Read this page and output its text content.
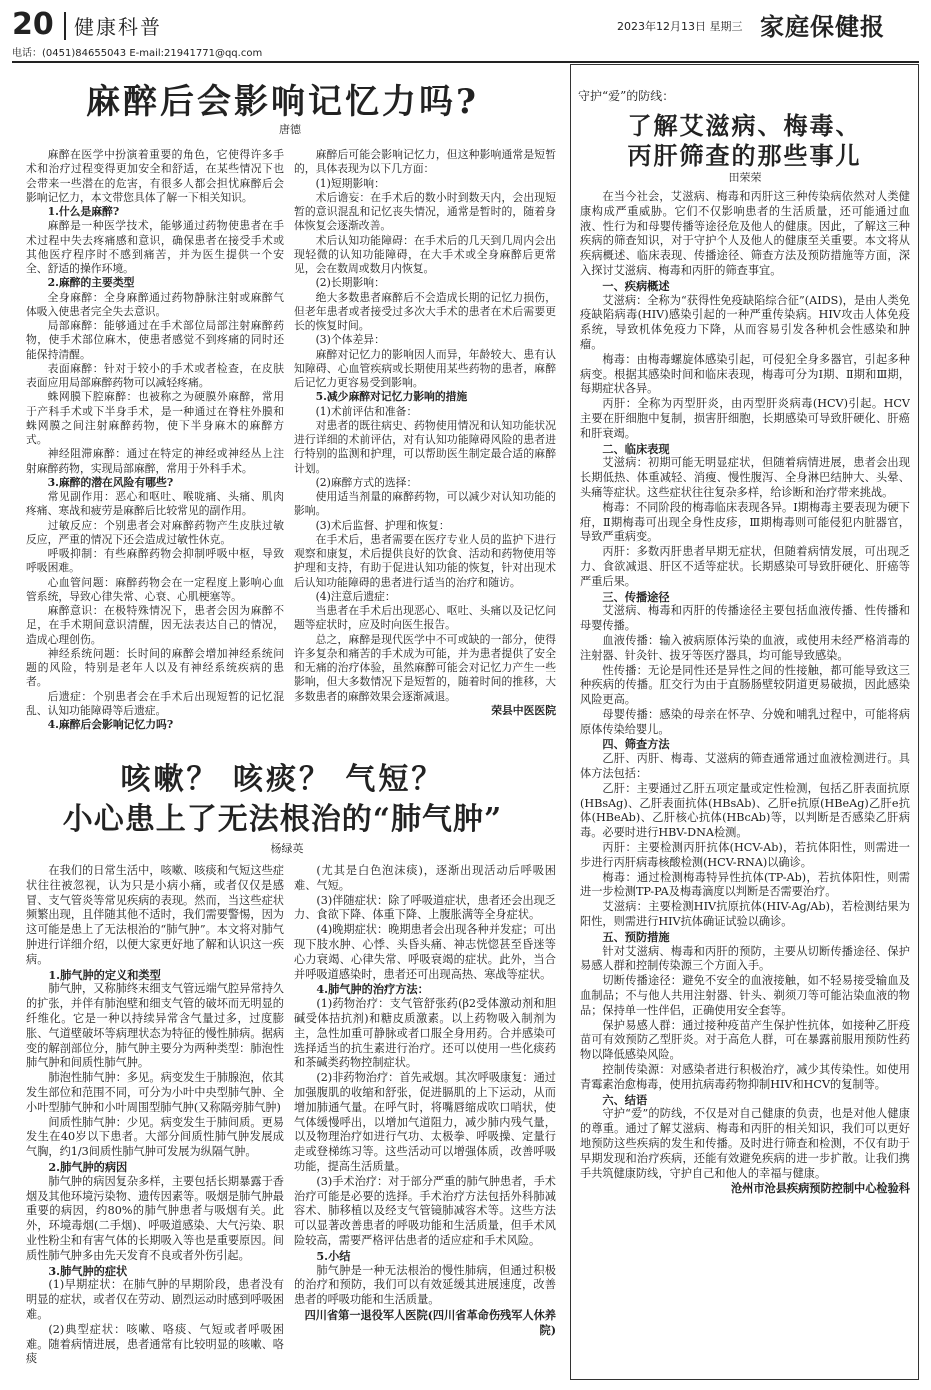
20 健康科普	2023年12月13日 星期三 家庭保健报
电话：(0451)84655043 E-mail:21941771@qq.com
麻醉后会影响记忆力吗?
唐德

麻醉在医学中扮演着重要的角色，它使得许多手术和治疗过程变得更加安全和舒适，在某些情况下也会带来一些潜在的危害，有很多人都会担忧麻醉后会影响记忆力，本文带您具体了解一下相关知识。

1.什么是麻醉?

麻醉是一种医学技术，能够通过药物使患者在手术过程中失去疼痛感和意识，确保患者在接受手术或其他医疗程序时不感到痛苦，并为医生提供一个安全、舒适的操作环境。

2.麻醉的主要类型

全身麻醉：全身麻醉通过药物静脉注射或麻醉气体吸入使患者完全失去意识。

局部麻醉：能够通过在手术部位局部注射麻醉药物，使手术部位麻木，使患者感觉不到疼痛的同时还能保持清醒。

表面麻醉：针对于较小的手术或者检查，在皮肤表面应用局部麻醉药物可以减轻疼痛。

蛛网膜下腔麻醉：也被称之为硬膜外麻醉，常用于产科手术或下半身手术，是一种通过在脊柱外膜和蛛网膜之间注射麻醉药物，使下半身麻木的麻醉方式。

神经阻滞麻醉：通过在特定的神经或神经丛上注射麻醉药物，实现局部麻醉，常用于外科手术。

3.麻醉的潜在风险有哪些?

常见副作用：恶心和呕吐、喉咙痛、头痛、肌肉疼痛、寒战和疲劳是麻醉后比较常见的副作用。

过敏反应：个别患者会对麻醉药物产生皮肤过敏反应，严重的情况下还会造成过敏性休克。

呼吸抑制：有些麻醉药物会抑制呼吸中枢，导致呼吸困难。

心血管问题：麻醉药物会在一定程度上影响心血管系统，导致心律失常、心衰、心肌梗塞等。

麻醉意识：在极特殊情况下，患者会因为麻醉不足，在手术期间意识清醒，因无法表达自己的情况，造成心理创伤。

神经系统问题：长时间的麻醉会增加神经系统问题的风险，特别是老年人以及有神经系统疾病的患者。

后遗症：个别患者会在手术后出现短暂的记忆混乱、认知功能障碍等后遗症。

4.麻醉后会影响记忆力吗?

麻醉后可能会影响记忆力，但这种影响通常是短暂的，具体表现为以下几方面：

(1)短期影响：

术后谵妄：在手术后的数小时到数天内，会出现短暂的意识混乱和记忆丧失情况，通常是暂时的，随着身体恢复会逐渐改善。

术后认知功能障碍：在手术后的几天到几周内会出现轻微的认知功能障碍，在大手术或全身麻醉后更常见，会在数周或数月内恢复。

(2)长期影响：

绝大多数患者麻醉后不会造成长期的记忆力损伤，但老年患者或者接受过多次大手术的患者在术后需要更长的恢复时间。

(3)个体差异：

麻醉对记忆力的影响因人而异，年龄较大、患有认知障碍、心血管疾病或长期使用某些药物的患者，麻醉后记忆力更容易受到影响。

5.减少麻醉对记忆力影响的措施

(1)术前评估和准备：

对患者的既往病史、药物使用情况和认知功能状况进行详细的术前评估，对有认知功能障碍风险的患者进行特别的监测和护理，可以帮助医生制定最合适的麻醉计划。

(2)麻醉方式的选择：

使用适当剂量的麻醉药物，可以减少对认知功能的影响。

(3)术后监督、护理和恢复：

在手术后，患者需要在医疗专业人员的监护下进行观察和康复，术后提供良好的饮食、活动和药物使用等护理和支持，有助于促进认知功能的恢复，针对出现术后认知功能障碍的患者进行适当的治疗和随访。

(4)注意后遗症：

当患者在手术后出现恶心、呕吐、头痛以及记忆问题等症状时，应及时向医生报告。

总之，麻醉是现代医学中不可或缺的一部分，使得许多复杂和痛苦的手术成为可能，并为患者提供了安全和无痛的治疗体验，虽然麻醉可能会对记忆力产生一些影响，但大多数情况下是短暂的，随着时间的推移，大多数患者的麻醉效果会逐渐减退。

荣县中医医院

咳嗽？ 咳痰？ 气短？
小心患上了无法根治的“肺气肿”
杨绿英

在我们的日常生活中，咳嗽、咳痰和气短这些症状往往被忽视，认为只是小病小痛，或者仅仅是感冒、支气管炎等常见疾病的表现。然而，当这些症状频繁出现，且伴随其他不适时，我们需要警惕，因为这可能是患上了无法根治的“肺气肿”。本文将对肺气肿进行详细介绍，以便大家更好地了解和认识这一疾病。

1.肺气肿的定义和类型

肺气肿，又称肺终末细支气管远端气腔异常持久的扩张，并伴有肺泡壁和细支气管的破坏而无明显的纤维化。它是一种以持续异常含气量过多，过度膨胀、气道壁破坏等病理状态为特征的慢性肺病。据病变的解剖部位分，肺气肿主要分为两种类型：肺泡性肺气肿和间质性肺气肿。

肺泡性肺气肿：多见。病变发生于肺腺泡，依其发生部位和范围不同，可分为小叶中央型肺气肿、全小叶型肺气肿和小叶周围型肺气肿(又称隔旁肺气肿)

间质性肺气肿：少见。病变发生于肺间质。更易发生在40岁以下患者。大部分间质性肺气肿发展成气胸，约1/3间质性肺气肿可发展为纵隔气肿。

2.肺气肿的病因

肺气肿的病因复杂多样，主要包括长期暴露于香烟及其他环境污染物、遗传因素等。吸烟是肺气肿最重要的病因，约80%的肺气肿患者与吸烟有关。此外，环境毒烟(二手烟)、呼吸道感染、大气污染、职业性粉尘和有害气体的长期吸入等也是重要原因。间质性肺气肿多由先天发育不良或者外伤引起。

3.肺气肿的症状

(1)早期症状：在肺气肿的早期阶段，患者没有明显的症状，或者仅在劳动、剧烈运动时感到呼吸困难。

(2)典型症状：咳嗽、咯痰、气短或者呼吸困难。随着病情进展，患者通常有比较明显的咳嗽、咯痰

(尤其是白色泡沫痰)，逐渐出现活动后呼吸困难、气短。

(3)伴随症状：除了呼吸道症状，患者还会出现乏力、食欲下降、体重下降、上腹胀满等全身症状。

(4)晚期症状：晚期患者会出现各种并发症；可出现下肢水肿、心悸、头昏头痛、神志恍惚甚至昏迷等心力衰竭、心律失常、呼吸衰竭的症状。此外，当合并呼吸道感染时，患者还可出现高热、寒战等症状。

4.肺气肿的治疗方法：

(1)药物治疗：支气管舒张药(β2受体激动剂和胆碱受体拮抗剂)和糖皮质激素。以上药物吸入制剂为主，急性加重可静脉或者口服全身用药。合并感染可选择适当的抗生素进行治疗。还可以使用一些化痰药和茶碱类药物控制症状。

(2)非药物治疗：首先戒烟。其次呼吸康复：通过加强腹肌的收缩和舒张，促进膈肌的上下运动，从而增加肺通气量。在呼气时，将嘴唇缩成吹口哨状，使气体缓慢呼出，以增加气道阻力，减少肺内残气量，以及物理治疗如进行气功、太极拳、呼吸操、定量行走或登梯练习等。这些活动可以增强体质，改善呼吸功能，提高生活质量。

(3)手术治疗：对于部分严重的肺气肿患者，手术治疗可能是必要的选择。手术治疗方法包括外科肺减容术、肺移植以及经支气管镜肺减容术等。这些方法可以显著改善患者的呼吸功能和生活质量，但手术风险较高，需要严格评估患者的适应症和手术风险。

5.小结

肺气肿是一种无法根治的慢性肺病，但通过积极的治疗和预防，我们可以有效延缓其进展速度，改善患者的呼吸功能和生活质量。

四川省第一退役军人医院(四川省革命伤残军人休养院)

守护“爱”的防线：
了解艾滋病、梅毒、
丙肝筛查的那些事儿
田荣荣

在当今社会，艾滋病、梅毒和丙肝这三种传染病依然对人类健康构成严重威胁。它们不仅影响患者的生活质量，还可能通过血液、性行为和母婴传播等途径危及他人的健康。因此，了解这三种疾病的筛查知识，对于守护个人及他人的健康至关重要。本文将从疾病概述、临床表现、传播途径、筛查方法及预防措施等方面，深入探讨艾滋病、梅毒和丙肝的筛查事宜。

一、疾病概述

艾滋病：全称为“获得性免疫缺陷综合征”(AIDS)，是由人类免疫缺陷病毒(HIV)感染引起的一种严重传染病。HIV攻击人体免疫系统，导致机体免疫力下降，从而容易引发各种机会性感染和肿瘤。

梅毒：由梅毒螺旋体感染引起，可侵犯全身多器官，引起多种病变。根据其感染时间和临床表现，梅毒可分为Ⅰ期、Ⅱ期和Ⅲ期，每期症状各异。

丙肝：全称为丙型肝炎，由丙型肝炎病毒(HCV)引起。HCV主要在肝细胞中复制，损害肝细胞，长期感染可导致肝硬化、肝癌和肝衰竭。

二、临床表现

艾滋病：初期可能无明显症状，但随着病情进展，患者会出现长期低热、体重减轻、消瘦、慢性腹泻、全身淋巴结肿大、头晕、头痛等症状。这些症状往往复杂多样，给诊断和治疗带来挑战。

梅毒：不同阶段的梅毒临床表现各异。Ⅰ期梅毒主要表现为硬下疳，Ⅱ期梅毒可出现全身性皮疹，Ⅲ期梅毒则可能侵犯内脏器官，导致严重病变。

丙肝：多数丙肝患者早期无症状，但随着病情发展，可出现乏力、食欲减退、肝区不适等症状。长期感染可导致肝硬化、肝癌等严重后果。

三、传播途径

艾滋病、梅毒和丙肝的传播途径主要包括血液传播、性传播和母婴传播。

血液传播：输入被病原体污染的血液，或使用未经严格消毒的注射器、针灸针、拔牙等医疗器具，均可能导致感染。

性传播：无论是同性还是异性之间的性接触，都可能导致这三种疾病的传播。肛交行为由于直肠肠壁较阴道更易破损，因此感染风险更高。

母婴传播：感染的母亲在怀孕、分娩和哺乳过程中，可能将病原体传染给婴儿。

四、筛查方法

乙肝、丙肝、梅毒、艾滋病的筛查通常通过血液检测进行。具体方法包括：

乙肝：主要通过乙肝五项定量或定性检测，包括乙肝表面抗原(HBsAg)、乙肝表面抗体(HBsAb)、乙肝e抗原(HBeAg)乙肝e抗体(HBeAb)、乙肝核心抗体(HBcAb)等，以判断是否感染乙肝病毒。必要时进行HBV-DNA检测。

丙肝：主要检测丙肝抗体(HCV-Ab)，若抗体阳性，则需进一步进行丙肝病毒核酸检测(HCV-RNA)以确诊。

梅毒：通过检测梅毒特异性抗体(TP-Ab)，若抗体阳性，则需进一步检测TP-PA及梅毒滴度以判断是否需要治疗。

艾滋病：主要检测HIV抗原抗体(HIV-Ag/Ab)，若检测结果为阳性，则需进行HIV抗体确证试验以确诊。

五、预防措施

针对艾滋病、梅毒和丙肝的预防，主要从切断传播途径、保护易感人群和控制传染源三个方面入手。

切断传播途径：避免不安全的血液接触，如不轻易接受输血及血制品；不与他人共用注射器、针头、剃须刀等可能沾染血液的物品；保持单一性伴侣，正确使用安全套等。

保护易感人群：通过接种疫苗产生保护性抗体，如接种乙肝疫苗可有效预防乙型肝炎。对于高危人群，可在暴露前服用预防性药物以降低感染风险。

控制传染源：对感染者进行积极治疗，减少其传染性。如使用青霉素治愈梅毒，使用抗病毒药物抑制HIV和HCV的复制等。

六、结语

守护“爱”的防线，不仅是对自己健康的负责，也是对他人健康的尊重。通过了解艾滋病、梅毒和丙肝的相关知识，我们可以更好地预防这些疾病的发生和传播。及时进行筛查和检测，不仅有助于早期发现和治疗疾病，还能有效避免疾病的进一步扩散。让我们携手共筑健康防线，守护自己和他人的幸福与健康。

沧州市沧县疾病预防控制中心检验科
